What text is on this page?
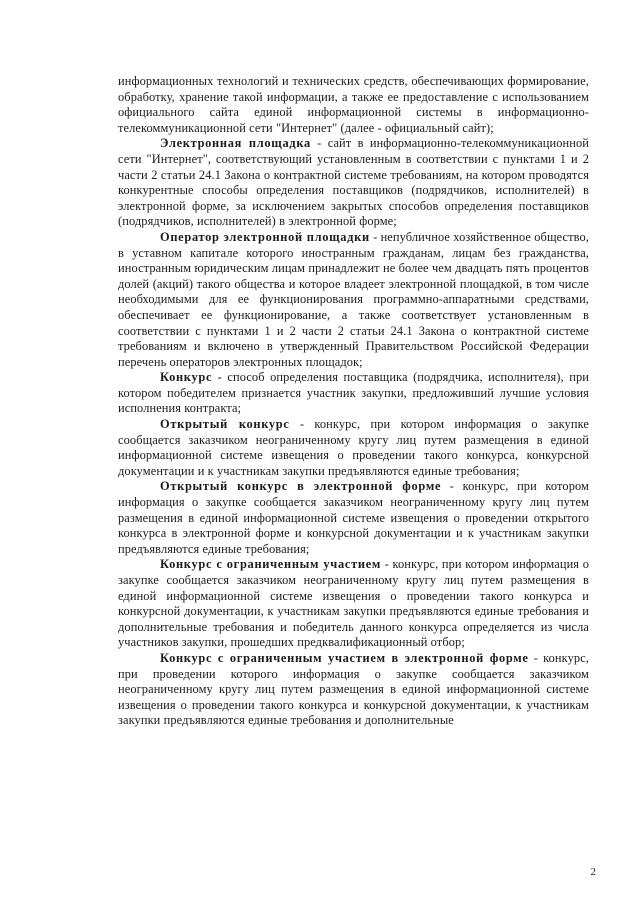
информационных технологий и технических средств, обеспечивающих формирование, обработку, хранение такой информации, а также ее предоставление с использованием официального сайта единой информационной системы в информационно-телекоммуникационной сети "Интернет" (далее - официальный сайт);

Электронная площадка - сайт в информационно-телекоммуникационной сети "Интернет", соответствующий установленным в соответствии с пунктами 1 и 2 части 2 статьи 24.1 Закона о контрактной системе требованиям, на котором проводятся конкурентные способы определения поставщиков (подрядчиков, исполнителей) в электронной форме, за исключением закрытых способов определения поставщиков (подрядчиков, исполнителей) в электронной форме;

Оператор электронной площадки - непубличное хозяйственное общество, в уставном капитале которого иностранным гражданам, лицам без гражданства, иностранным юридическим лицам принадлежит не более чем двадцать пять процентов долей (акций) такого общества и которое владеет электронной площадкой, в том числе необходимыми для ее функционирования программно-аппаратными средствами, обеспечивает ее функционирование, а также соответствует установленным в соответствии с пунктами 1 и 2 части 2 статьи 24.1 Закона о контрактной системе требованиям и включено в утвержденный Правительством Российской Федерации перечень операторов электронных площадок;

Конкурс - способ определения поставщика (подрядчика, исполнителя), при котором победителем признается участник закупки, предложивший лучшие условия исполнения контракта;

Открытый конкурс - конкурс, при котором информация о закупке сообщается заказчиком неограниченному кругу лиц путем размещения в единой информационной системе извещения о проведении такого конкурса, конкурсной документации и к участникам закупки предъявляются единые требования;

Открытый конкурс в электронной форме - конкурс, при котором информация о закупке сообщается заказчиком неограниченному кругу лиц путем размещения в единой информационной системе извещения о проведении открытого конкурса в электронной форме и конкурсной документации и к участникам закупки предъявляются единые требования;

Конкурс с ограниченным участием - конкурс, при котором информация о закупке сообщается заказчиком неограниченному кругу лиц путем размещения в единой информационной системе извещения о проведении такого конкурса и конкурсной документации, к участникам закупки предъявляются единые требования и дополнительные требования и победитель данного конкурса определяется из числа участников закупки, прошедших предквалификационный отбор;

Конкурс с ограниченным участием в электронной форме - конкурс, при проведении которого информация о закупке сообщается заказчиком неограниченному кругу лиц путем размещения в единой информационной системе извещения о проведении такого конкурса и конкурсной документации, к участникам закупки предъявляются единые требования и дополнительные

2
